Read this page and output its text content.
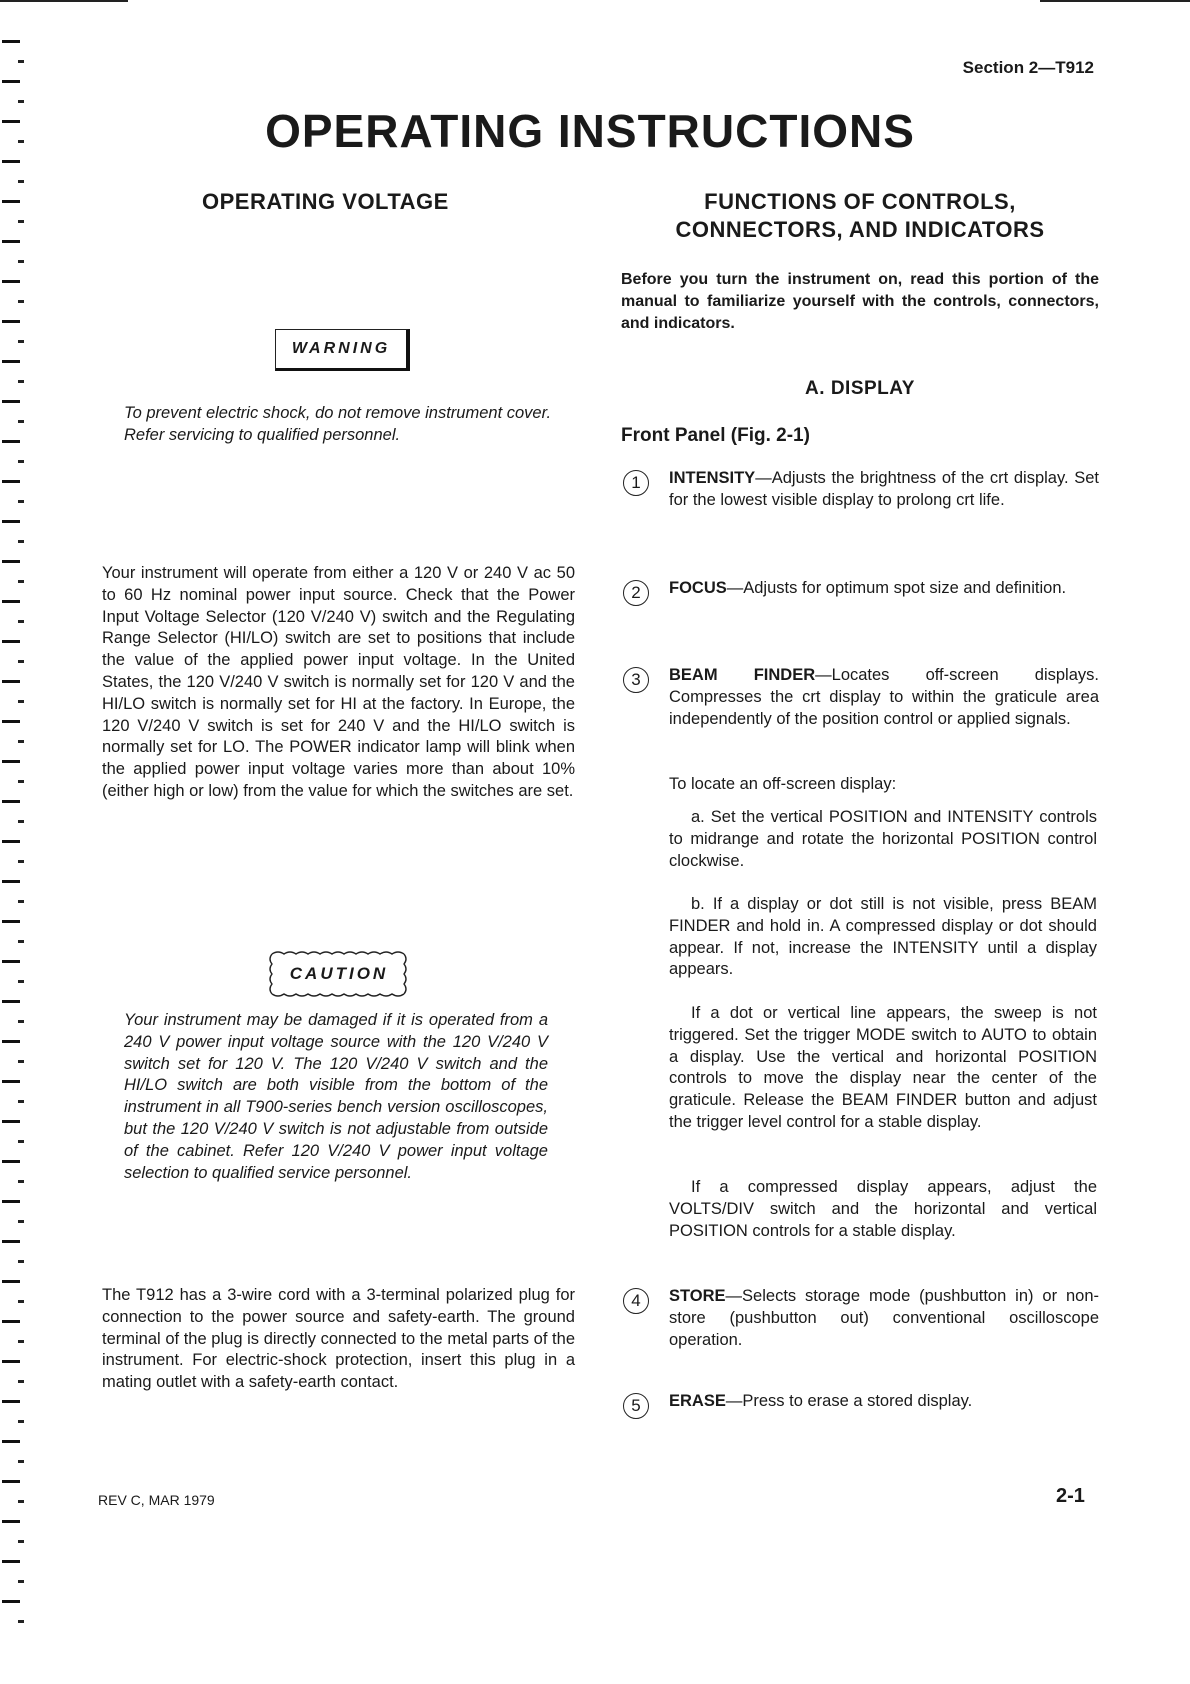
Section 2—T912
OPERATING INSTRUCTIONS
OPERATING VOLTAGE
WARNING
To prevent electric shock, do not remove instrument cover. Refer servicing to qualified personnel.

Your instrument will operate from either a 120 V or 240 V ac 50 to 60 Hz nominal power input source. Check that the Power Input Voltage Selector (120 V/240 V) switch and the Regulating Range Selector (HI/LO) switch are set to positions that include the value of the applied power input voltage. In the United States, the 120 V/240 V switch is normally set for 120 V and the HI/LO switch is normally set for HI at the factory. In Europe, the 120 V/240 V switch is set for 240 V and the HI/LO switch is normally set for LO. The POWER indicator lamp will blink when the applied power input voltage varies more than about 10% (either high or low) from the value for which the switches are set.

CAUTION

Your instrument may be damaged if it is operated from a 240 V power input voltage source with the 120 V/240 V switch set for 120 V. The 120 V/240 V switch and the HI/LO switch are both visible from the bottom of the instrument in all T900-series bench version oscilloscopes, but the 120 V/240 V switch is not adjustable from outside of the cabinet. Refer 120 V/240 V power input voltage selection to qualified service personnel.

The T912 has a 3-wire cord with a 3-terminal polarized plug for connection to the power source and safety-earth. The ground terminal of the plug is directly connected to the metal parts of the instrument. For electric-shock protection, insert this plug in a mating outlet with a safety-earth contact.

FUNCTIONS OF CONTROLS,
CONNECTORS, AND INDICATORS

Before you turn the instrument on, read this portion of the manual to familiarize yourself with the controls, connectors, and indicators.

A. DISPLAY
Front Panel (Fig. 2-1)
1	INTENSITY—Adjusts the brightness of the crt display. Set for the lowest visible display to prolong crt life.

2	FOCUS—Adjusts for optimum spot size and definition.

3	BEAM FINDER—Locates off-screen displays. Compresses the crt display to within the graticule area independently of the position control or applied signals.

To locate an off-screen display:

a. Set the vertical POSITION and INTENSITY controls to midrange and rotate the horizontal POSITION control clockwise.

b. If a display or dot still is not visible, press BEAM FINDER and hold in. A compressed display or dot should appear. If not, increase the INTENSITY until a display appears.

If a dot or vertical line appears, the sweep is not triggered. Set the trigger MODE switch to AUTO to obtain a display. Use the vertical and horizontal POSITION controls to move the display near the center of the graticule. Release the BEAM FINDER button and adjust the trigger level control for a stable display.

If a compressed display appears, adjust the VOLTS/DIV switch and the horizontal and vertical POSITION controls for a stable display.

4	STORE—Selects storage mode (pushbutton in) or non-store (pushbutton out) conventional oscilloscope operation.

5	ERASE—Press to erase a stored display.

REV C, MAR 1979	2-1
